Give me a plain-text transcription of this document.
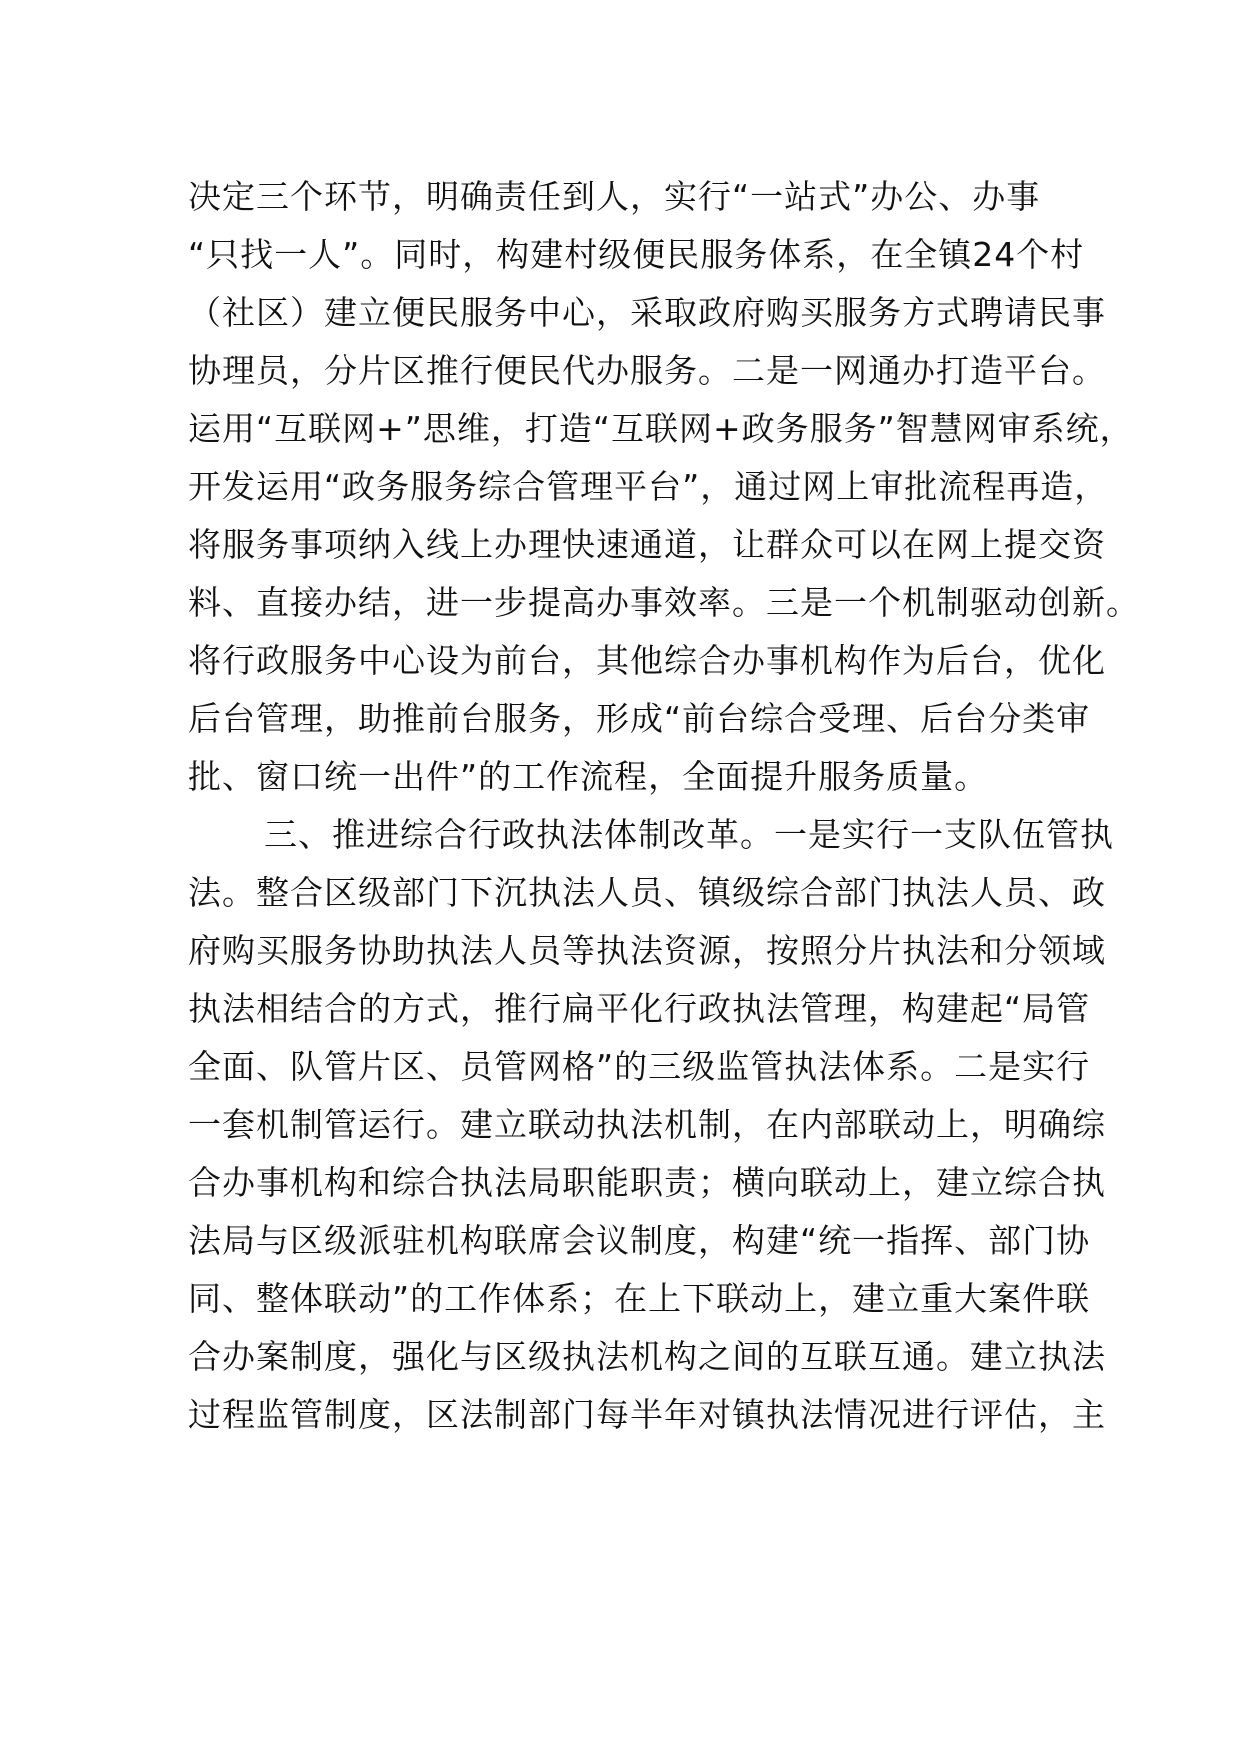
决定三个环节，明确责任到人，实行“一站式”办公、办事
“只找一人”。同时，构建村级便民服务体系，在全镇24个村
（社区）建立便民服务中心，采取政府购买服务方式聘请民事
协理员，分片区推行便民代办服务。二是一网通办打造平台。
运用“互联网+”思维，打造“互联网+政务服务”智慧网审系统，
开发运用“政务服务综合管理平台”，通过网上审批流程再造，
将服务事项纳入线上办理快速通道，让群众可以在网上提交资
料、直接办结，进一步提高办事效率。三是一个机制驱动创新。
将行政服务中心设为前台，其他综合办事机构作为后台，优化
后台管理，助推前台服务，形成“前台综合受理、后台分类审
批、窗口统一出件”的工作流程，全面提升服务质量。
三、推进综合行政执法体制改革。一是实行一支队伍管执
法。整合区级部门下沉执法人员、镇级综合部门执法人员、政
府购买服务协助执法人员等执法资源，按照分片执法和分领域
执法相结合的方式，推行扁平化行政执法管理，构建起“局管
全面、队管片区、员管网格”的三级监管执法体系。二是实行
一套机制管运行。建立联动执法机制，在内部联动上，明确综
合办事机构和综合执法局职能职责；横向联动上，建立综合执
法局与区级派驻机构联席会议制度，构建“统一指挥、部门协
同、整体联动”的工作体系；在上下联动上，建立重大案件联
合办案制度，强化与区级执法机构之间的互联互通。建立执法
过程监管制度，区法制部门每半年对镇执法情况进行评估，主
